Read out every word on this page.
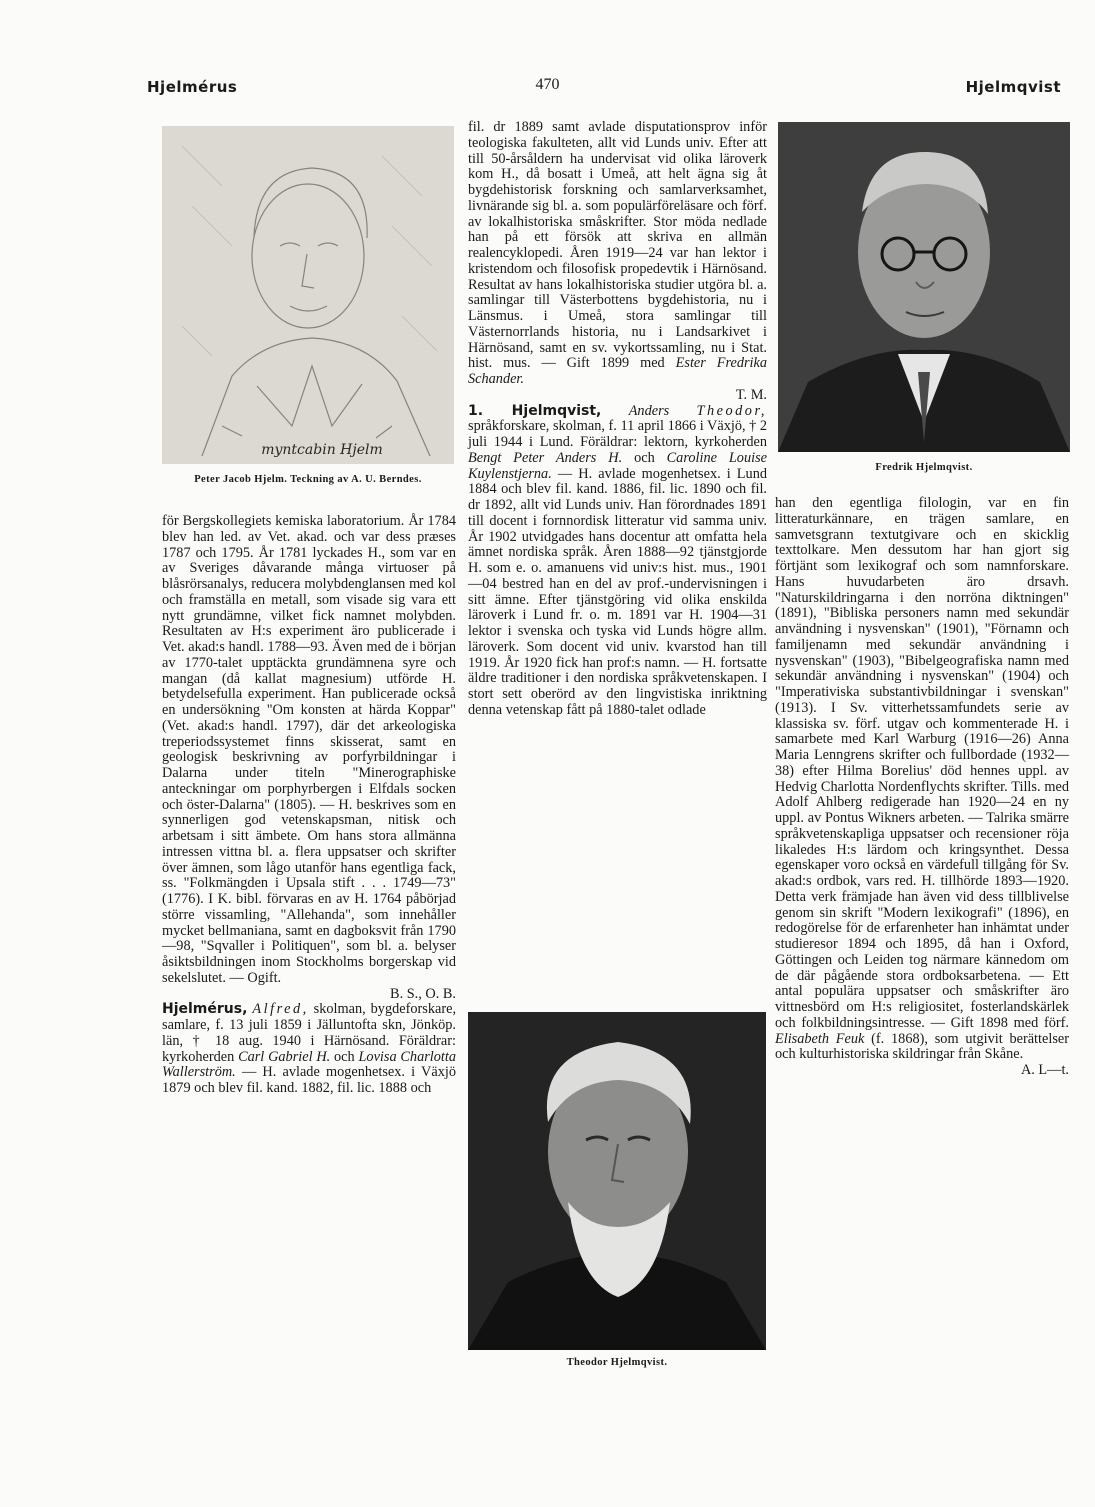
Hjelmérus	470	Hjelmqvist
myntcabin Hjelm
Peter Jacob Hjelm. Teckning av A. U. Berndes.
Fredrik Hjelmqvist.
Theodor Hjelmqvist.

för Bergskollegiets kemiska laboratorium. År 1784 blev han led. av Vet. akad. och var dess præses 1787 och 1795. År 1781 lyckades H., som var en av Sveriges dåvarande många virtuoser på blåsrörsanalys, reducera molybdenglansen med kol och framställa en metall, som visade sig vara ett nytt grundämne, vilket fick namnet molybden. Resultaten av H:s experiment äro publicerade i Vet. akad:s handl. 1788—93. Även med de i början av 1770-talet upptäckta grundämnena syre och mangan (då kallat magnesium) utförde H. betydelsefulla experiment. Han publicerade också en undersökning "Om konsten at härda Koppar" (Vet. akad:s handl. 1797), där det arkeologiska treperiodssystemet finns skisserat, samt en geologisk beskrivning av porfyrbildningar i Dalarna under titeln "Minerographiske anteckningar om porphyrbergen i Elfdals socken och öster-Dalarna" (1805). — H. beskrives som en synnerligen god vetenskapsman, nitisk och arbetsam i sitt ämbete. Om hans stora allmänna intressen vittna bl. a. flera uppsatser och skrifter över ämnen, som lågo utanför hans egentliga fack, ss. "Folkmängden i Upsala stift . . . 1749—73" (1776). I K. bibl. förvaras en av H. 1764 påbörjad större vissamling, "Allehanda", som innehåller mycket bellmaniana, samt en dagboksvit från 1790—98, "Sqvaller i Politiquen", som bl. a. belyser åsiktsbildningen inom Stockholms borgerskap vid sekelslutet. — Ogift.

B. S., O. B.

Hjelmérus, Alfred, skolman, bygdeforskare, samlare, f. 13 juli 1859 i Jälluntofta skn, Jönköp. län, † 18 aug. 1940 i Härnösand. Föräldrar: kyrkoherden Carl Gabriel H. och Lovisa Charlotta Wallerström. — H. avlade mogenhetsex. i Växjö 1879 och blev fil. kand. 1882, fil. lic. 1888 och

fil. dr 1889 samt avlade disputationsprov inför teologiska fakulteten, allt vid Lunds univ. Efter att till 50-årsåldern ha undervisat vid olika läroverk kom H., då bosatt i Umeå, att helt ägna sig åt bygdehistorisk forskning och samlarverksamhet, livnärande sig bl. a. som populärföreläsare och förf. av lokalhistoriska småskrifter. Stor möda nedlade han på ett försök att skriva en allmän realencyklopedi. Åren 1919—24 var han lektor i kristendom och filosofisk propedevtik i Härnösand. Resultat av hans lokalhistoriska studier utgöra bl. a. samlingar till Västerbottens bygdehistoria, nu i Länsmus. i Umeå, stora samlingar till Västernorrlands historia, nu i Landsarkivet i Härnösand, samt en sv. vykortssamling, nu i Stat. hist. mus. — Gift 1899 med Ester Fredrika Schander.

T. M.

1. Hjelmqvist, Anders Theodor, språkforskare, skolman, f. 11 april 1866 i Växjö, † 2 juli 1944 i Lund. Föräldrar: lektorn, kyrkoherden Bengt Peter Anders H. och Caroline Louise Kuylenstjerna. — H. avlade mogenhetsex. i Lund 1884 och blev fil. kand. 1886, fil. lic. 1890 och fil. dr 1892, allt vid Lunds univ. Han förordnades 1891 till docent i fornnordisk litteratur vid samma univ. År 1902 utvidgades hans docentur att omfatta hela ämnet nordiska språk. Åren 1888—92 tjänstgjorde H. som e. o. amanuens vid univ:s hist. mus., 1901—04 bestred han en del av prof.-undervisningen i sitt ämne. Efter tjänstgöring vid olika enskilda läroverk i Lund fr. o. m. 1891 var H. 1904—31 lektor i svenska och tyska vid Lunds högre allm. läroverk. Som docent vid univ. kvarstod han till 1919. År 1920 fick han prof:s namn. — H. fortsatte äldre traditioner i den nordiska språkvetenskapen. I stort sett oberörd av den lingvistiska inriktning denna vetenskap fått på 1880-talet odlade

han den egentliga filologin, var en fin litteraturkännare, en trägen samlare, en samvetsgrann textutgivare och en skicklig texttolkare. Men dessutom har han gjort sig förtjänt som lexikograf och som namnforskare. Hans huvudarbeten äro drsavh. "Naturskildringarna i den norröna diktningen" (1891), "Bibliska personers namn med sekundär användning i nysvenskan" (1901), "Förnamn och familjenamn med sekundär användning i nysvenskan" (1903), "Bibelgeografiska namn med sekundär användning i nysvenskan" (1904) och "Imperativiska substantivbildningar i svenskan" (1913). I Sv. vitterhetssamfundets serie av klassiska sv. förf. utgav och kommenterade H. i samarbete med Karl Warburg (1916—26) Anna Maria Lenngrens skrifter och fullbordade (1932—38) efter Hilma Borelius' död hennes uppl. av Hedvig Charlotta Nordenflychts skrifter. Tills. med Adolf Ahlberg redigerade han 1920—24 en ny uppl. av Pontus Wikners arbeten. — Talrika smärre språkvetenskapliga uppsatser och recensioner röja likaledes H:s lärdom och kringsynthet. Dessa egenskaper voro också en värdefull tillgång för Sv. akad:s ordbok, vars red. H. tillhörde 1893—1920. Detta verk främjade han även vid dess tillblivelse genom sin skrift "Modern lexikografi" (1896), en redogörelse för de erfarenheter han inhämtat under studieresor 1894 och 1895, då han i Oxford, Göttingen och Leiden tog närmare kännedom om de där pågående stora ordboksarbetena. — Ett antal populära uppsatser och småskrifter äro vittnesbörd om H:s religiositet, fosterlandskärlek och folkbildningsintresse. — Gift 1898 med förf. Elisabeth Feuk (f. 1868), som utgivit berättelser och kulturhistoriska skildringar från Skåne.

A. L—t.
